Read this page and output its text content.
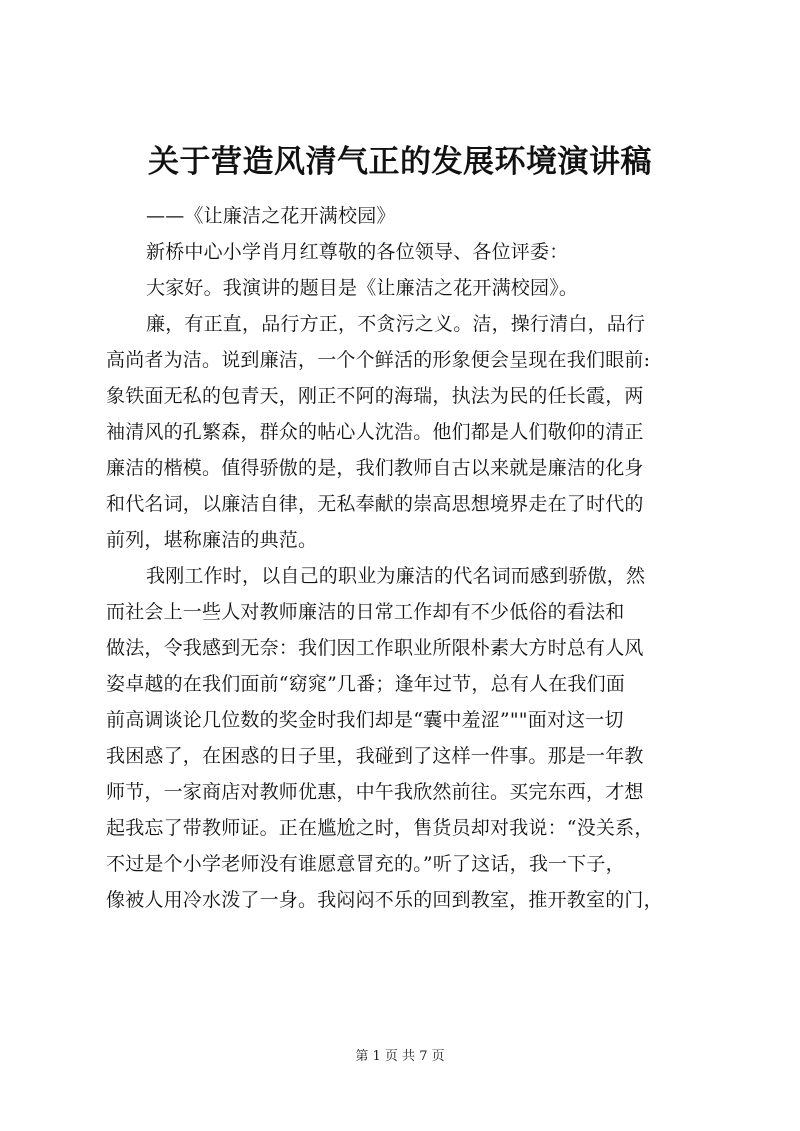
关于营造风清气正的发展环境演讲稿

——《让廉洁之花开满校园》

新桥中心小学肖月红尊敬的各位领导、各位评委：

大家好。我演讲的题目是《让廉洁之花开满校园》。

廉，有正直，品行方正，不贪污之义。洁，操行清白，品行

高尚者为洁。说到廉洁，一个个鲜活的形象便会呈现在我们眼前:

象铁面无私的包青天，刚正不阿的海瑞，执法为民的任长霞，两

袖清风的孔繁森，群众的帖心人沈浩。他们都是人们敬仰的清正

廉洁的楷模。值得骄傲的是，我们教师自古以来就是廉洁的化身

和代名词，以廉洁自律，无私奉献的崇高思想境界走在了时代的

前列，堪称廉洁的典范。

我刚工作时，以自己的职业为廉洁的代名词而感到骄傲，然

而社会上一些人对教师廉洁的日常工作却有不少低俗的看法和

做法，令我感到无奈：我们因工作职业所限朴素大方时总有人风

姿卓越的在我们面前“窈窕”几番；逢年过节，总有人在我们面

前高调谈论几位数的奖金时我们却是“囊中羞涩”""面对这一切

我困惑了，在困惑的日子里，我碰到了这样一件事。那是一年教

师节，一家商店对教师优惠，中午我欣然前往。买完东西，才想

起我忘了带教师证。正在尴尬之时，售货员却对我说：“没关系，

不过是个小学老师没有谁愿意冒充的。”听了这话，我一下子，

像被人用冷水泼了一身。我闷闷不乐的回到教室，推开教室的门，

第 1 页 共 7 页
